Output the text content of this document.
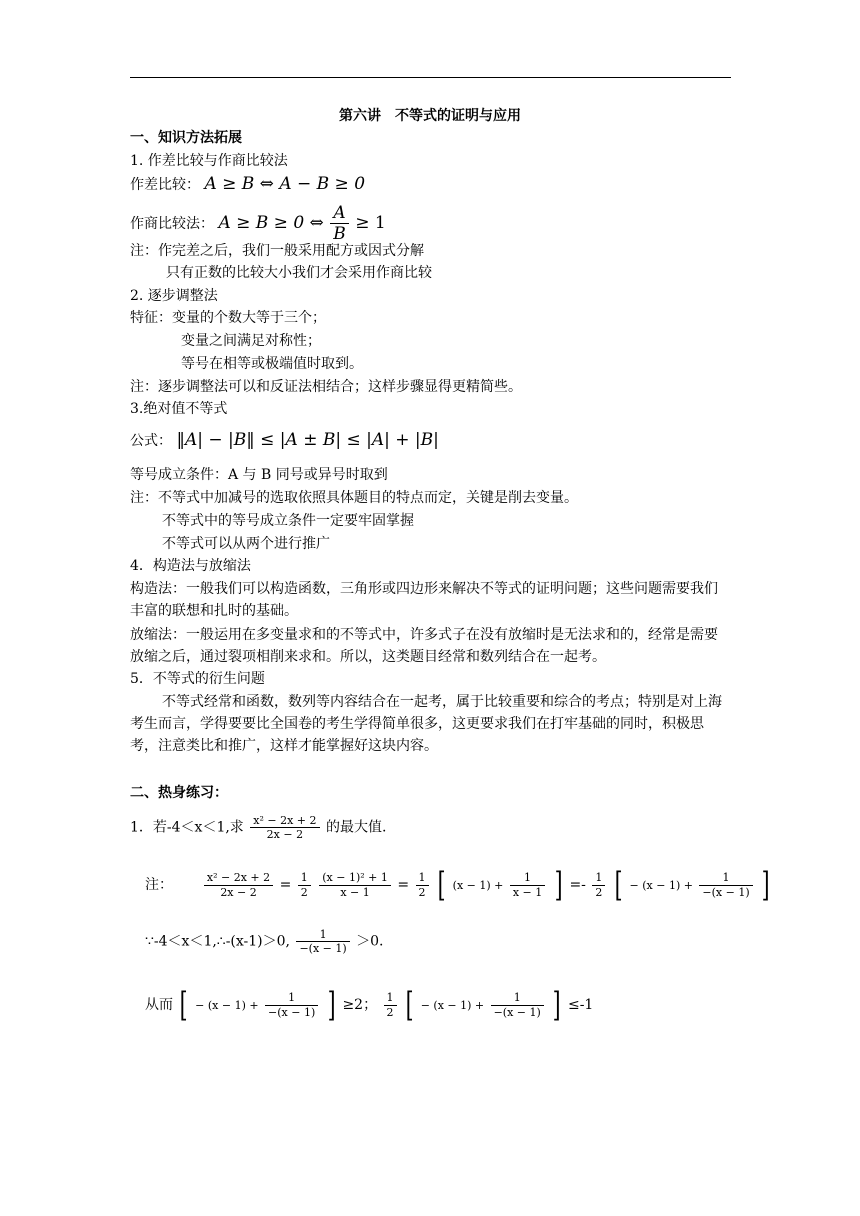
第六讲　不等式的证明与应用
一、知识方法拓展
1. 作差比较与作商比较法
作差比较： A ≥ B ⇔ A − B ≥ 0
作商比较法： A ≥ B ≥ 0 ⇔ $\frac{A}{B} \ge 1$
注：作完差之后，我们一般采用配方或因式分解
只有正数的比较大小我们才会采用作商比较
2. 逐步调整法
特征：变量的个数大等于三个；
变量之间满足对称性；
等号在相等或极端值时取到。
注：逐步调整法可以和反证法相结合；这样步骤显得更精简些。
3.绝对值不等式
公式： ‖A| − |B‖ ≤ |A ± B| ≤ |A| + |B|
等号成立条件：A 与 B 同号或异号时取到
注：不等式中加减号的选取依照具体题目的特点而定，关键是削去变量。
不等式中的等号成立条件一定要牢固掌握
不等式可以从两个进行推广
4．构造法与放缩法
构造法：一般我们可以构造函数，三角形或四边形来解决不等式的证明问题；这些问题需要我们丰富的联想和扎时的基础。
放缩法：一般运用在多变量求和的不等式中，许多式子在没有放缩时是无法求和的，经常是需要放缩之后，通过裂项相削来求和。所以，这类题目经常和数列结合在一起考。
5．不等式的衍生问题
不等式经常和函数，数列等内容结合在一起考，属于比较重要和综合的考点；特别是对上海考生而言，学得要要比全国卷的考生学得简单很多，这更要求我们在打牢基础的同时，积极思考，注意类比和推广，这样才能掌握好这块内容。
二、热身练习：
1．若-4＜x＜1,求 $\frac{\text{x² − 2x + 2}}{2x - 2}$ 的最大值.
注：	$\frac{\text{x² − 2x + 2}}{2x - 2} = \frac{1}{2}$
$\frac{\text{(x − 1)² + 1}}{x - 1} = \frac{1}{2}$ [ $(x - 1) + \frac{1}{x - 1}$ ] =- $\frac{1}{2}$ [ − $(x - 1) + \frac{1}{-(x - 1)}$ ]
∵-4＜x＜1,∴-(x-1)＞0, $\frac{1}{-(x - 1)} >0$.
从而 [ − $(x - 1) + \frac{1}{-(x - 1)}$ ] ≥2； $\frac{1}{2}$ [ − $(x - 1) + \frac{1}{-(x - 1)}$ ] ≤-1
